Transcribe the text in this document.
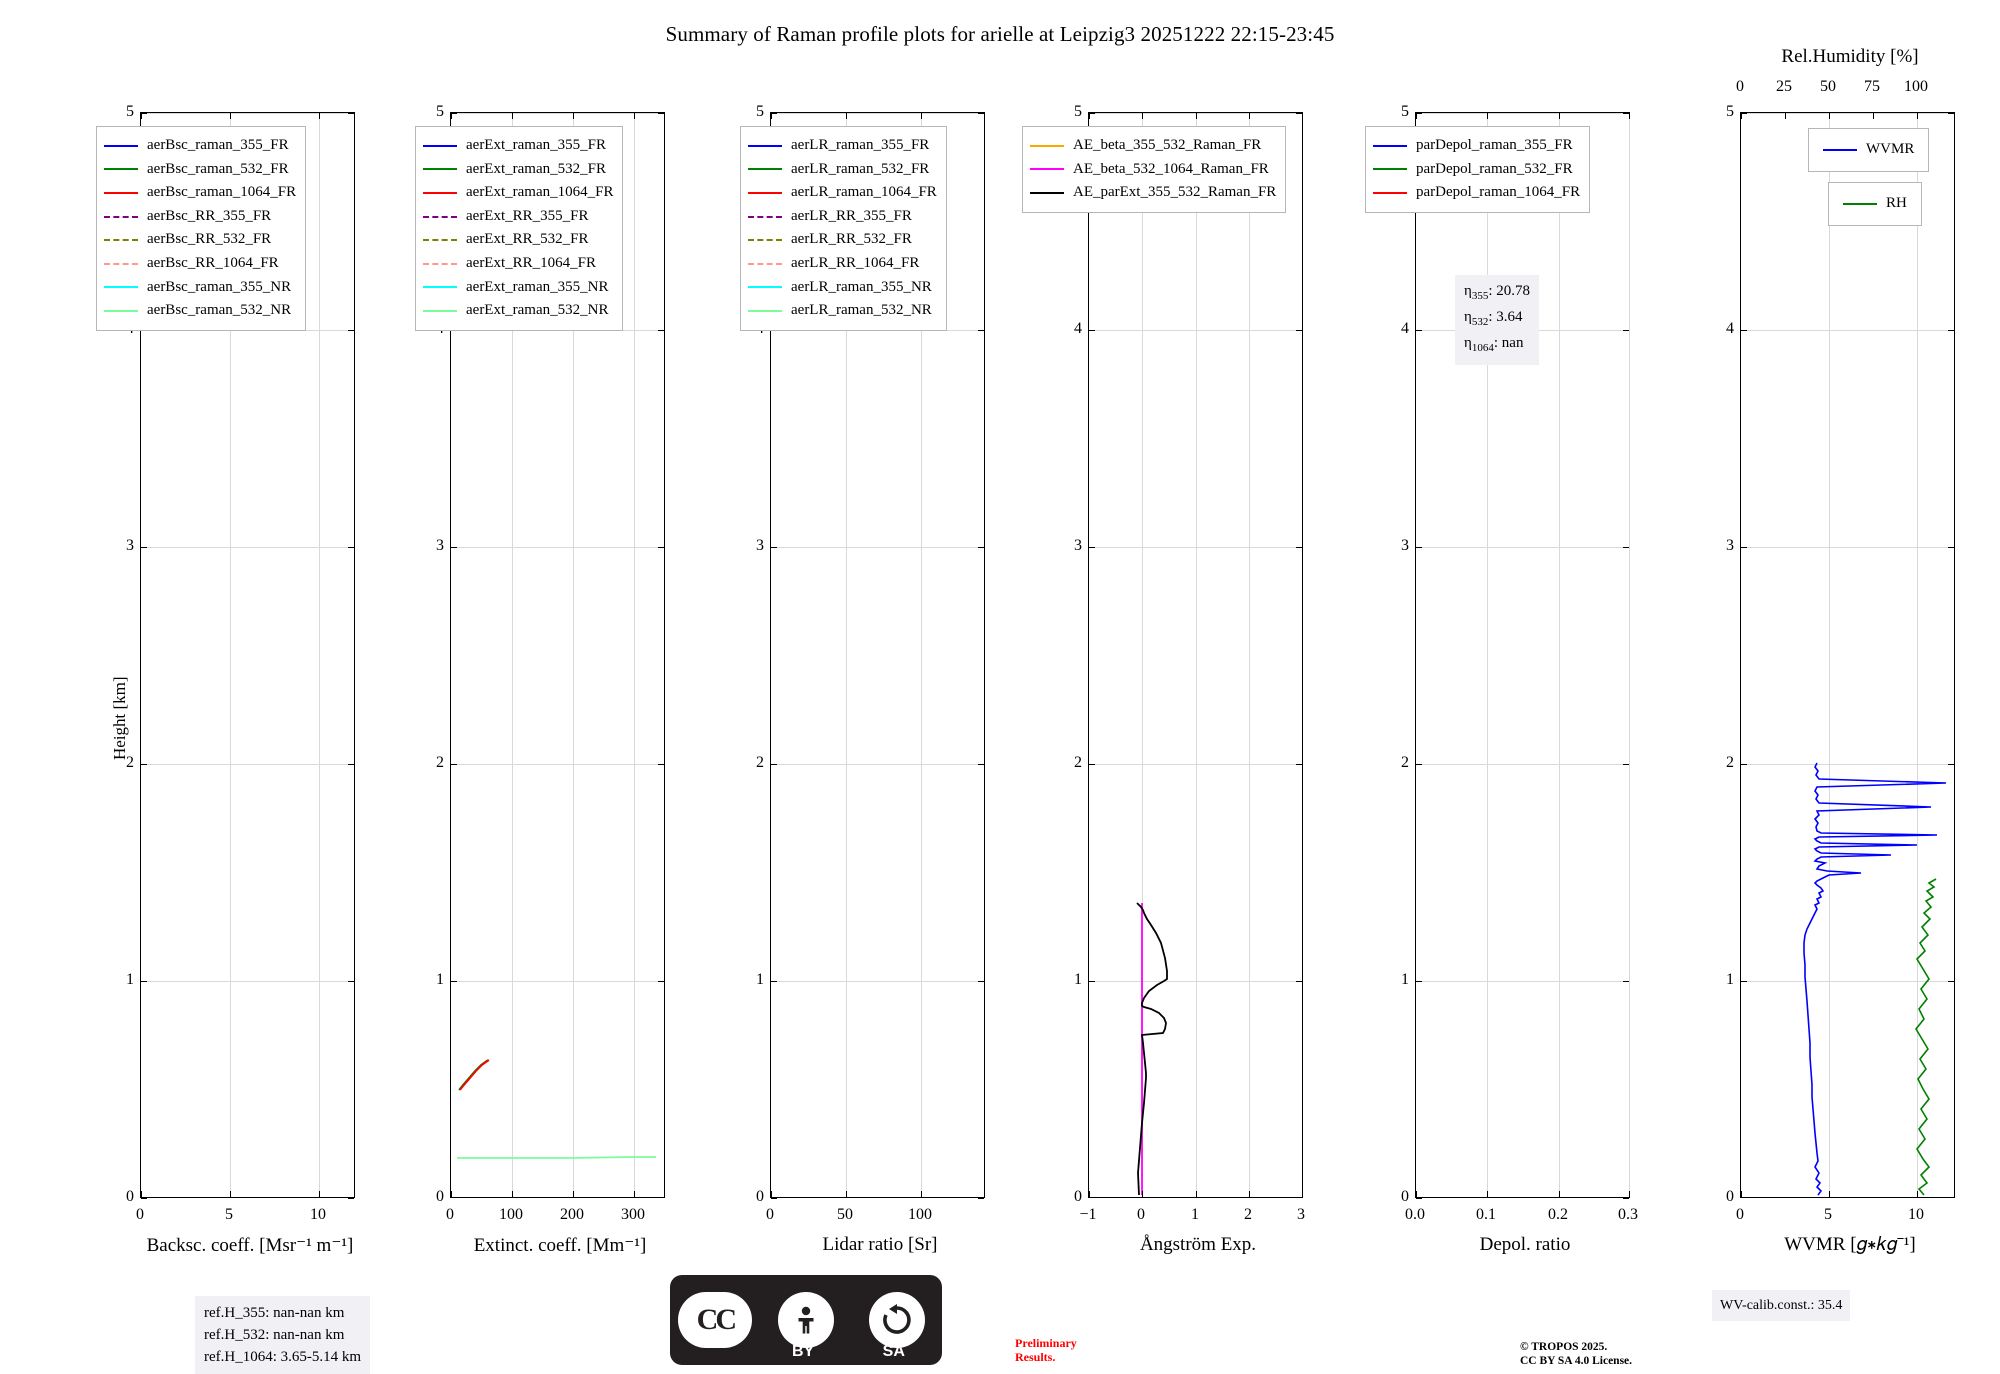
Summary of Raman profile plots for arielle at Leipzig3 20251222 22:15-23:45
Height [km]
0	5	10
0
1
2
3
5
Backsc. coeff. [Msr⁻¹ m⁻¹]
aerBsc_raman_355_FR
aerBsc_raman_532_FR
aerBsc_raman_1064_FR
aerBsc_RR_355_FR
aerBsc_RR_532_FR
aerBsc_RR_1064_FR
aerBsc_raman_355_NR
aerBsc_raman_532_NR
0	100 200 300
0
1
2
3
5
Extinct. coeff. [Mm⁻¹]
aerExt_raman_355_FR
aerExt_raman_532_FR
aerExt_raman_1064_FR
aerExt_RR_355_FR
aerExt_RR_532_FR
aerExt_RR_1064_FR
aerExt_raman_355_NR
aerExt_raman_532_NR
0	50	100
0
1
2
3
5
Lidar ratio [Sr]
aerLR_raman_355_FR
aerLR_raman_532_FR
aerLR_raman_1064_FR
aerLR_RR_355_FR
aerLR_RR_532_FR
aerLR_RR_1064_FR
aerLR_raman_355_NR
aerLR_raman_532_NR
−1	0	1	2	3
0
1
2
3
4
5
Ångström Exp.
AE_beta_355_532_Raman_FR
AE_beta_532_1064_Raman_FR
AE_parExt_355_532_Raman_FR
0.0	0.1	0.2	0.3
0
1
2
3
4
5
Depol. ratio
parDepol_raman_355_FR
parDepol_raman_532_FR
parDepol_raman_1064_FR
$\eta_{355}$: 20.78
$\eta_{532}$: 3.64
$\eta_{1064}$: nan
0	5	10
0 25 50 75 100
Rel.Humidity [%]
0
1
2
3
4
5
WVMR [𝑔∗𝑘𝑔⁻¹]
WVMR
RH
WV-calib.const.: 35.4
ref.H_355: nan-nan km
ref.H_532: nan-nan km
ref.H_1064: 3.65-5.14 km
CC
BY	SA	Preliminary
Results.
© TROPOS 2025.
CC BY SA 4.0 License.
